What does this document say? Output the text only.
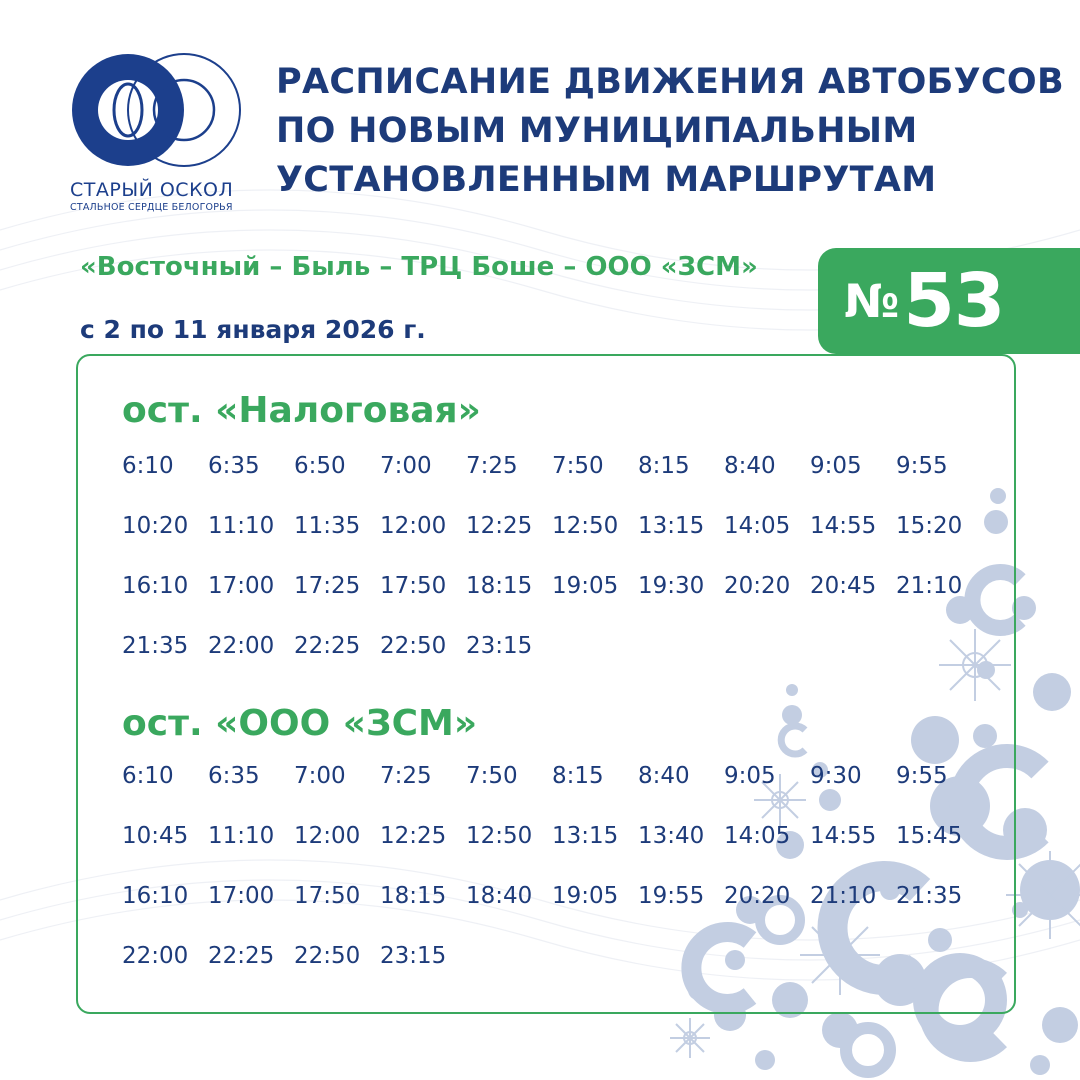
СТАРЫЙ ОСКОЛ
СТАЛЬНОЕ СЕРДЦЕ БЕЛОГОРЬЯ
РАСПИСАНИЕ ДВИЖЕНИЯ АВТОБУСОВ
ПО НОВЫМ МУНИЦИПАЛЬНЫМ
УСТАНОВЛЕННЫМ МАРШРУТАМ
«Восточный – Быль – ТРЦ Боше – ООО «ЗСМ»
№ 53
с 2 по 11 января 2026 г.
ост. «Налоговая»
6:10	6:35	6:50	7:00	7:25	7:50	8:15	8:40	9:05	9:55
10:20 11:10 11:35 12:00 12:25 12:50 13:15 14:05 14:55 15:20
16:10 17:00 17:25 17:50 18:15 19:05 19:30 20:20 20:45 21:10
21:35 22:00 22:25 22:50 23:15
ост. «ООО «ЗСМ»
6:10	6:35	7:00	7:25	7:50	8:15	8:40	9:05	9:30	9:55
10:45 11:10 12:00 12:25 12:50 13:15 13:40 14:05 14:55 15:45
16:10 17:00 17:50 18:15 18:40 19:05 19:55 20:20 21:10 21:35
22:00 22:25 22:50 23:15
